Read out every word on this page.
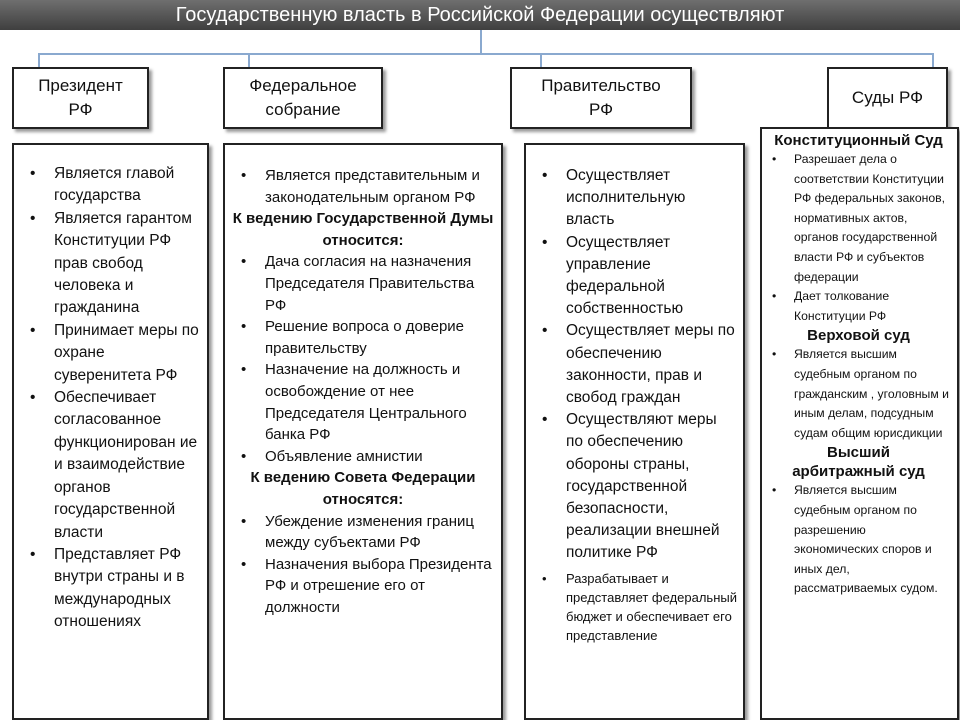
Государственную власть в Российской Федерации осуществляют
Президент
РФ
Федеральное
собрание
Правительство
РФ
Суды РФ
• Является главой государства
• Является гарантом Конституции РФ прав свобод человека и гражданина
• Принимает меры по охране суверенитета РФ
• Обеспечивает согласованное функционирован ие и взаимодействие органов государственной власти
• Представляет РФ внутри страны и в международных отношениях
• Является представительным и законодательным органом РФ
К ведению Государственной Думы относится:
• Дача согласия на назначения Председателя Правительства РФ
• Решение вопроса о доверие правительству
• Назначение на должность и освобождение от нее Председателя Центрального банка РФ
• Объявление амнистии
К ведению Совета Федерации относятся:
• Убеждение изменения границ между субъектами РФ
• Назначения выбора Президента РФ и отрешение его от должности
• Осуществляет исполнительную власть
• Осуществляет управление федеральной собственностью
• Осуществляет меры по обеспечению законности, прав и свобод граждан
• Осуществляют меры по обеспечению обороны страны, государственной безопасности, реализации внешней политике РФ
• Разрабатывает и представляет федеральный бюджет и обеспечивает его представление
Конституционный Суд
• Разрешает дела о соответствии Конституции РФ федеральных законов, нормативных актов, органов государственной власти РФ и субъектов федерации
• Дает толкование Конституции РФ
Верховой суд
• Является высшим судебным органом по гражданским , уголовным и иным делам, подсудным судам общим юрисдикции
Высший арбитражный суд
• Является высшим судебным органом по разрешению экономических споров и иных дел, рассматриваемых судом.
